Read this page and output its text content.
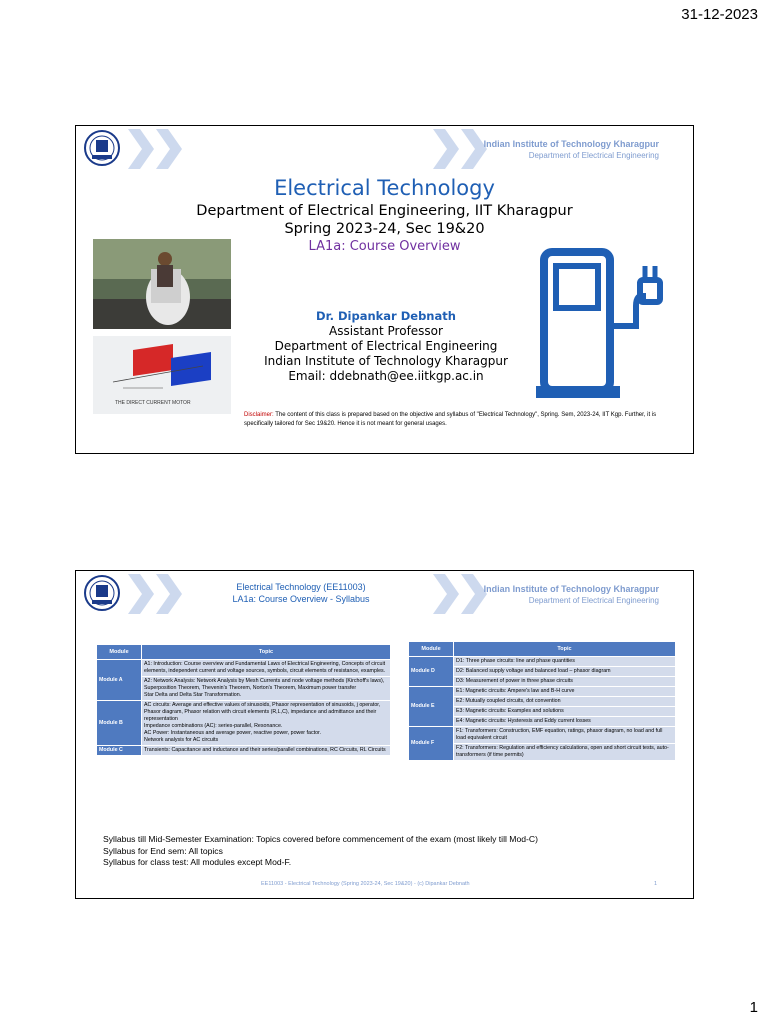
31-12-2023
Indian Institute of Technology Kharagpur
Department of Electrical Engineering
Electrical Technology
Department of Electrical Engineering, IIT Kharagpur
Spring 2023-24, Sec 19&20
LA1a: Course Overview
THE DIRECT CURRENT MOTOR
Dr. Dipankar Debnath
Assistant Professor
Department of Electrical Engineering
Indian Institute of Technology Kharagpur
Email: ddebnath@ee.iitkgp.ac.in
Disclaimer: The content of this class is prepared based on the objective and syllabus of "Electrical Technology", Spring. Sem, 2023-24, IIT Kgp. Further, it is specifically tailored for Sec 19&20. Hence it is not meant for general usages.
Indian Institute of Technology Kharagpur
Department of Electrical Engineering
Electrical Technology (EE11003)
LA1a: Course Overview - Syllabus
Module	Topic
Module A	A1: Introduction: Course overview and Fundamental Laws of Electrical Engineering, Concepts of circuit elements, independent current and voltage sources, symbols, circuit elements of resistance, examples.
	A2: Network Analysis: Network Analysis by Mesh Currents and node voltage methods (Kirchoff's laws), Superposition Theorem, Thevenin's Theorem, Norton's Theorem, Maximum power transfer
Star Delta and Delta Star Transformation.
Module B	AC circuits: Average and effective values of sinusoids, Phasor representation of sinusoids, j operator, Phasor diagram, Phasor relation with circuit elements (R,L,C), impedance and admittance and their representation
Impedance combinations (AC): series-parallel, Resonance.
AC Power: Instantaneous and average power, reactive power, power factor.
Network analysis for AC circuits
Module C	Transients: Capacitance and inductance and their series/parallel combinations, RC Circuits, RL Circuits
Module	Topic
Module D	D1: Three phase circuits: line and phase quantities
	D2: Balanced supply voltage and balanced load – phasor diagram
	D3: Measurement of power in three phase circuits
Module E	E1: Magnetic circuits: Ampere's law and B-H curve
	E2: Mutually coupled circuits, dot convention
	E3: Magnetic circuits: Examples and solutions
	E4: Magnetic circuits: Hysteresis and Eddy current losses
Module F	F1: Transformers: Construction, EMF equation, ratings, phasor diagram, no load and full load equivalent circuit
	F2: Transformers: Regulation and efficiency calculations, open and short circuit tests, auto-transformers (if time permits)
Syllabus till Mid-Semester Examination: Topics covered before commencement of the exam (most likely till Mod-C)
Syllabus for End sem: All topics
Syllabus for class test: All modules except Mod-F.
EE11003 - Electrical Technology (Spring 2023-24, Sec 19&20) - (c) Dipankar Debnath	1
1
